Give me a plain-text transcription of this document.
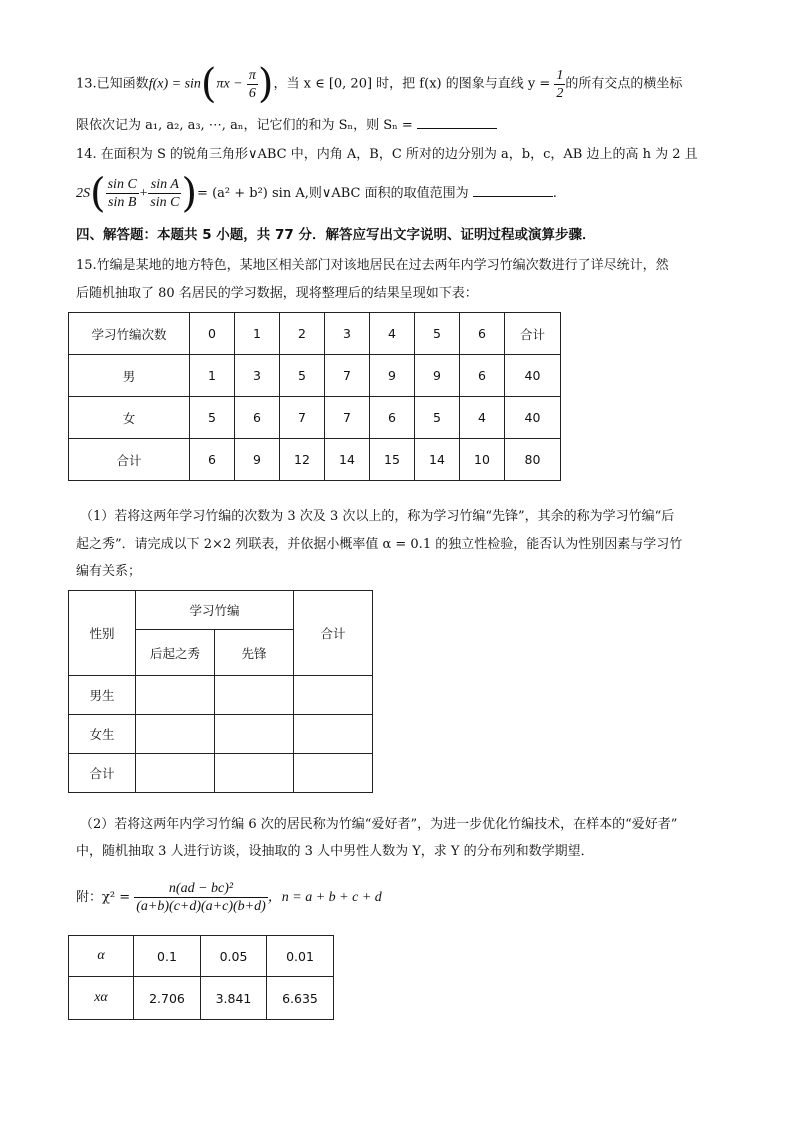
13.已知函数$f(x) = \sin(\pi x - \frac{\pi}{6}$ )，当 x ∈ [0, 20] 时，把 f(x) 的图象与直线 $y = \frac{1}{2}$ 的所有交点的横坐标
限依次记为 a₁, a₂, a₃, ⋯, aₙ，记它们的和为 Sₙ，则 Sₙ =
14. 在面积为 S 的锐角三角形∨ABC 中，内角 A，B，C 所对的边分别为 a，b，c，AB 边上的高 h 为 2 且
$2S( \frac{\text{sin C}}{\text{sin B}} + \frac{\text{sin A}}{\text{sin C}}$ )= (a² + b²) sin A,则∨ABC 面积的取值范围为	.
四、解答题：本题共 5 小题，共 77 分．解答应写出文字说明、证明过程或演算步骤．
15.竹编是某地的地方特色，某地区相关部门对该地居民在过去两年内学习竹编次数进行了详尽统计，然
后随机抽取了 80 名居民的学习数据，现将整理后的结果呈现如下表：
学习竹编次数	0	1	2	3	4	5	6	合计
男	1	3	5	7	9	9	6	40
女	5	6	7	7	6	5	4	40
合计	6	9	12	14	15	14	10	80
（1）若将这两年学习竹编的次数为 3 次及 3 次以上的，称为学习竹编“先锋”，其余的称为学习竹编“后
起之秀”．请完成以下 2×2 列联表，并依据小概率值 α = 0.1 的独立性检验，能否认为性别因素与学习竹
编有关系；
性别	学习竹编		合计
	后起之秀	先锋	
男生			
女生			
合计			
（2）若将这两年内学习竹编 6 次的居民称为竹编“爱好者”，为进一步优化竹编技术，在样本的“爱好者”
中，随机抽取 3 人进行访谈，设抽取的 3 人中男性人数为 Y，求 Y 的分布列和数学期望．
附：$\chi^2 = \frac{\text{n(ad − bc)²}}{(a+b)(c+d)(a+c)(b+d)}$ ，n = a + b + c + d
α	0.1	0.05	0.01
xα	2.706	3.841	6.635
